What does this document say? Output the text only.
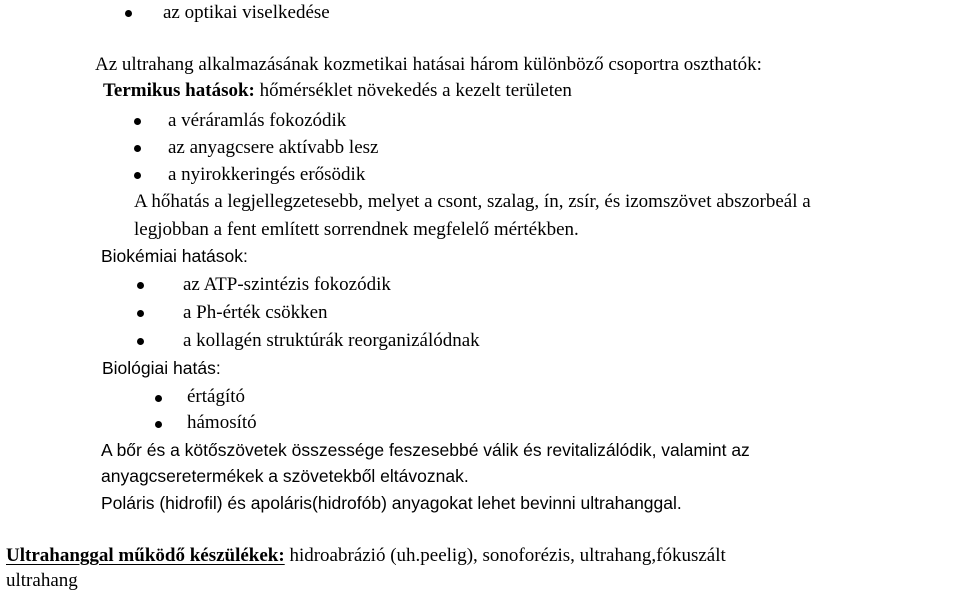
az optikai viselkedése
Az ultrahang alkalmazásának kozmetikai hatásai három különböző csoportra oszthatók:
Termikus hatások: hőmérséklet növekedés a kezelt területen
a véráramlás fokozódik
az anyagcsere aktívabb lesz
a nyirokkeringés erősödik
A hőhatás a legjellegzetesebb, melyet a csont, szalag, ín, zsír, és izomszövet abszorbeál a
legjobban a fent említett sorrendnek megfelelő mértékben.
Biokémiai hatások:
az ATP-szintézis fokozódik
a Ph-érték csökken
a kollagén struktúrák reorganizálódnak
Biológiai hatás:
értágító
hámosító
A bőr és a kötőszövetek összessége feszesebbé válik és revitalizálódik, valamint az
anyagcseretermékek a szövetekből eltávoznak.
Poláris (hidrofil) és apoláris(hidrofób) anyagokat lehet bevinni ultrahanggal.
Ultrahanggal működő készülékek: hidroabrázió (uh.peelig), sonoforézis, ultrahang,fókuszált
ultrahang
